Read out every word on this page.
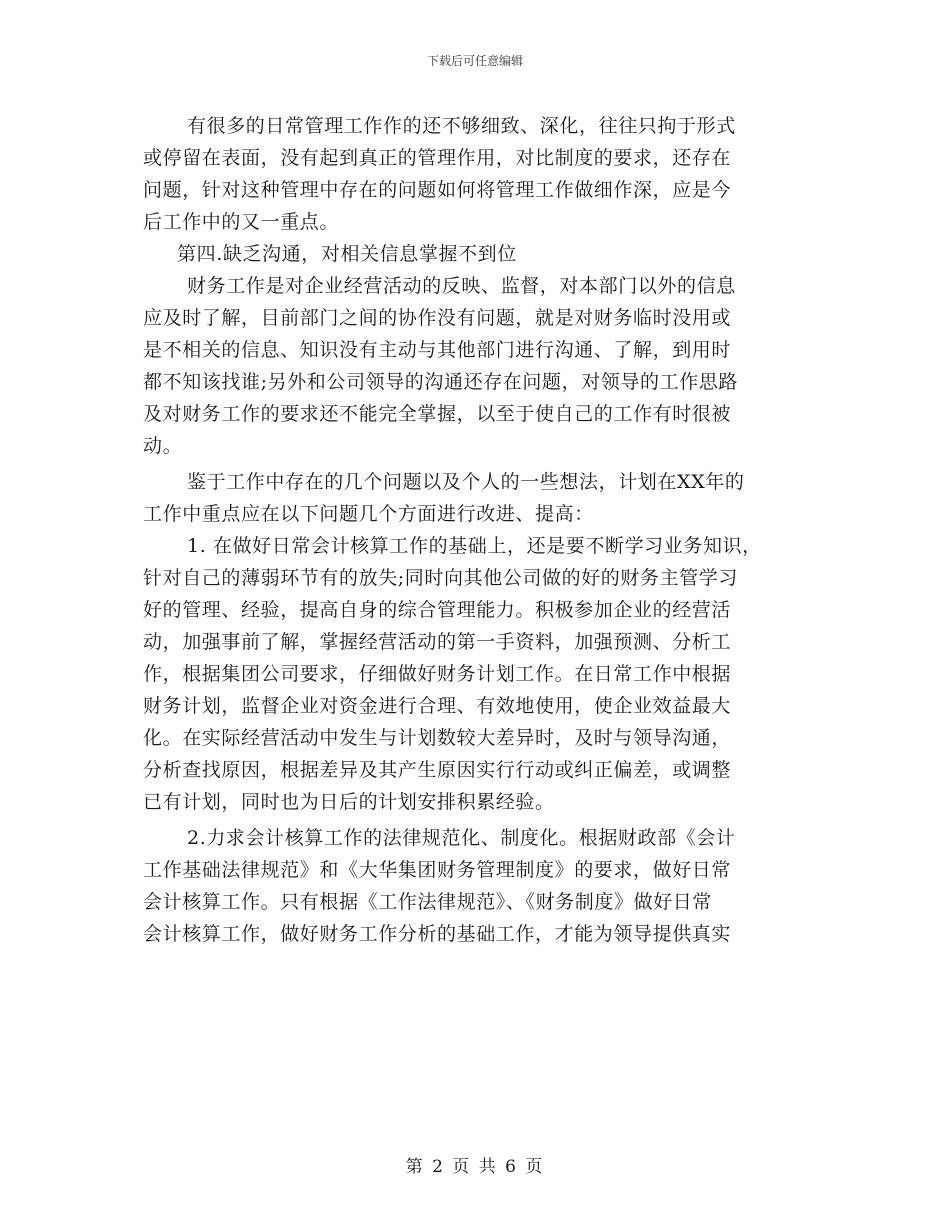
下载后可任意编辑
有很多的日常管理工作作的还不够细致、深化，往往只拘于形式
或停留在表面，没有起到真正的管理作用，对比制度的要求，还存在
问题，针对这种管理中存在的问题如何将管理工作做细作深，应是今
后工作中的又一重点。
第四.缺乏沟通，对相关信息掌握不到位
财务工作是对企业经营活动的反映、监督，对本部门以外的信息
应及时了解，目前部门之间的协作没有问题，就是对财务临时没用或
是不相关的信息、知识没有主动与其他部门进行沟通、了解，到用时
都不知该找谁;另外和公司领导的沟通还存在问题，对领导的工作思路
及对财务工作的要求还不能完全掌握，以至于使自己的工作有时很被
动。
鉴于工作中存在的几个问题以及个人的一些想法，计划在XX年的
工作中重点应在以下问题几个方面进行改进、提高：
1. 在做好日常会计核算工作的基础上，还是要不断学习业务知识，
针对自己的薄弱环节有的放失;同时向其他公司做的好的财务主管学习
好的管理、经验，提高自身的综合管理能力。积极参加企业的经营活
动，加强事前了解，掌握经营活动的第一手资料，加强预测、分析工
作，根据集团公司要求，仔细做好财务计划工作。在日常工作中根据
财务计划，监督企业对资金进行合理、有效地使用，使企业效益最大
化。在实际经营活动中发生与计划数较大差异时，及时与领导沟通，
分析查找原因，根据差异及其产生原因实行行动或纠正偏差，或调整
已有计划，同时也为日后的计划安排积累经验。
2.力求会计核算工作的法律规范化、制度化。根据财政部《会计
工作基础法律规范》和《大华集团财务管理制度》的要求，做好日常
会计核算工作。只有根据《工作法律规范》、《财务制度》做好日常
会计核算工作，做好财务工作分析的基础工作，才能为领导提供真实
第 2 页 共 6 页
